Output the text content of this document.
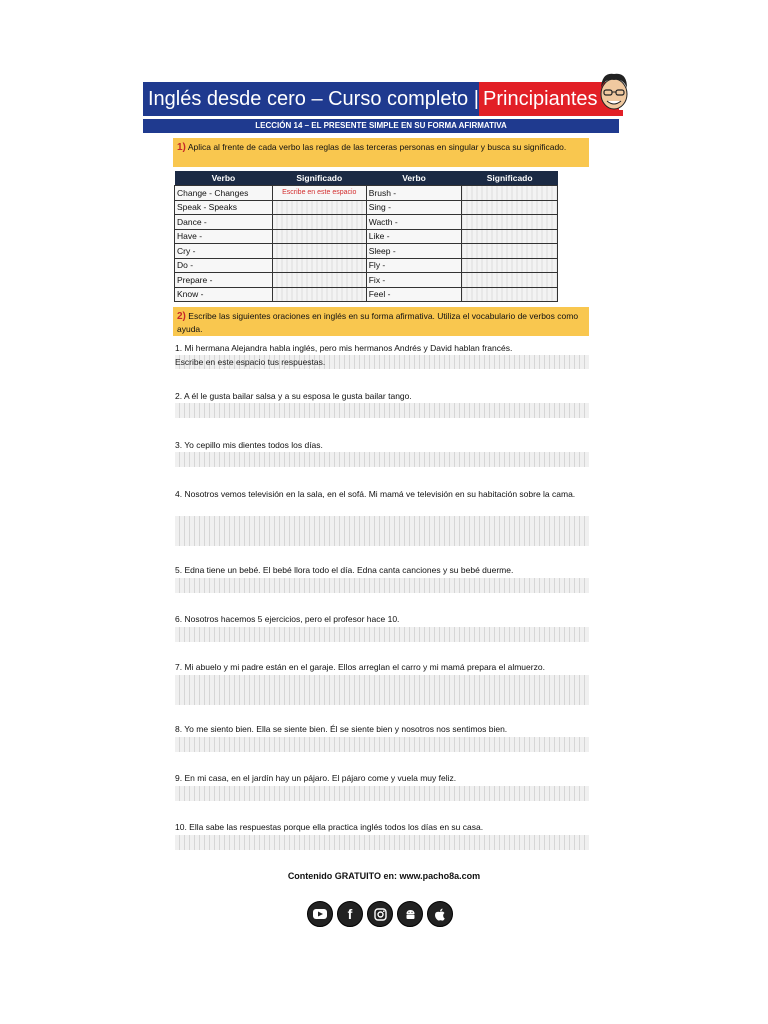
Inglés desde cero – Curso completo | Principiantes
LECCIÓN 14 – EL PRESENTE SIMPLE EN SU FORMA AFIRMATIVA
1) Aplica al frente de cada verbo las reglas de las terceras personas en singular y busca su significado.
Verbo	Significado	Verbo	Significado
Change - Changes	Escribe en este espacio	Brush -	
Speak - Speaks		Sing -	
Dance -		Wacth -	
Have -		Like -	
Cry -		Sleep -	
Do -		Fly -	
Prepare -		Fix -	
Know -		Feel -	
2) Escribe las siguientes oraciones en inglés en su forma afirmativa. Utiliza el vocabulario de verbos como ayuda.
1. Mi hermana Alejandra habla inglés, pero mis hermanos Andrés y David hablan francés.
Escribe en este espacio tus respuestas.
2. A él le gusta bailar salsa y a su esposa le gusta bailar tango.
3. Yo cepillo mis dientes todos los días.
4. Nosotros vemos televisión en la sala, en el sofá. Mi mamá ve televisión en su habitación sobre la cama.
5. Edna tiene un bebé. El bebé llora todo el día. Edna canta canciones y su bebé duerme.
6. Nosotros hacemos 5 ejercicios, pero el profesor hace 10.
7. Mi abuelo y mi padre están en el garaje. Ellos arreglan el carro y mi mamá prepara el almuerzo.
8. Yo me siento bien. Ella se siente bien. Él se siente bien y nosotros nos sentimos bien.
9. En mi casa, en el jardín hay un pájaro. El pájaro come y vuela muy feliz.
10. Ella sabe las respuestas porque ella practica inglés todos los días en su casa.
Contenido GRATUITO en: www.pacho8a.com
f
